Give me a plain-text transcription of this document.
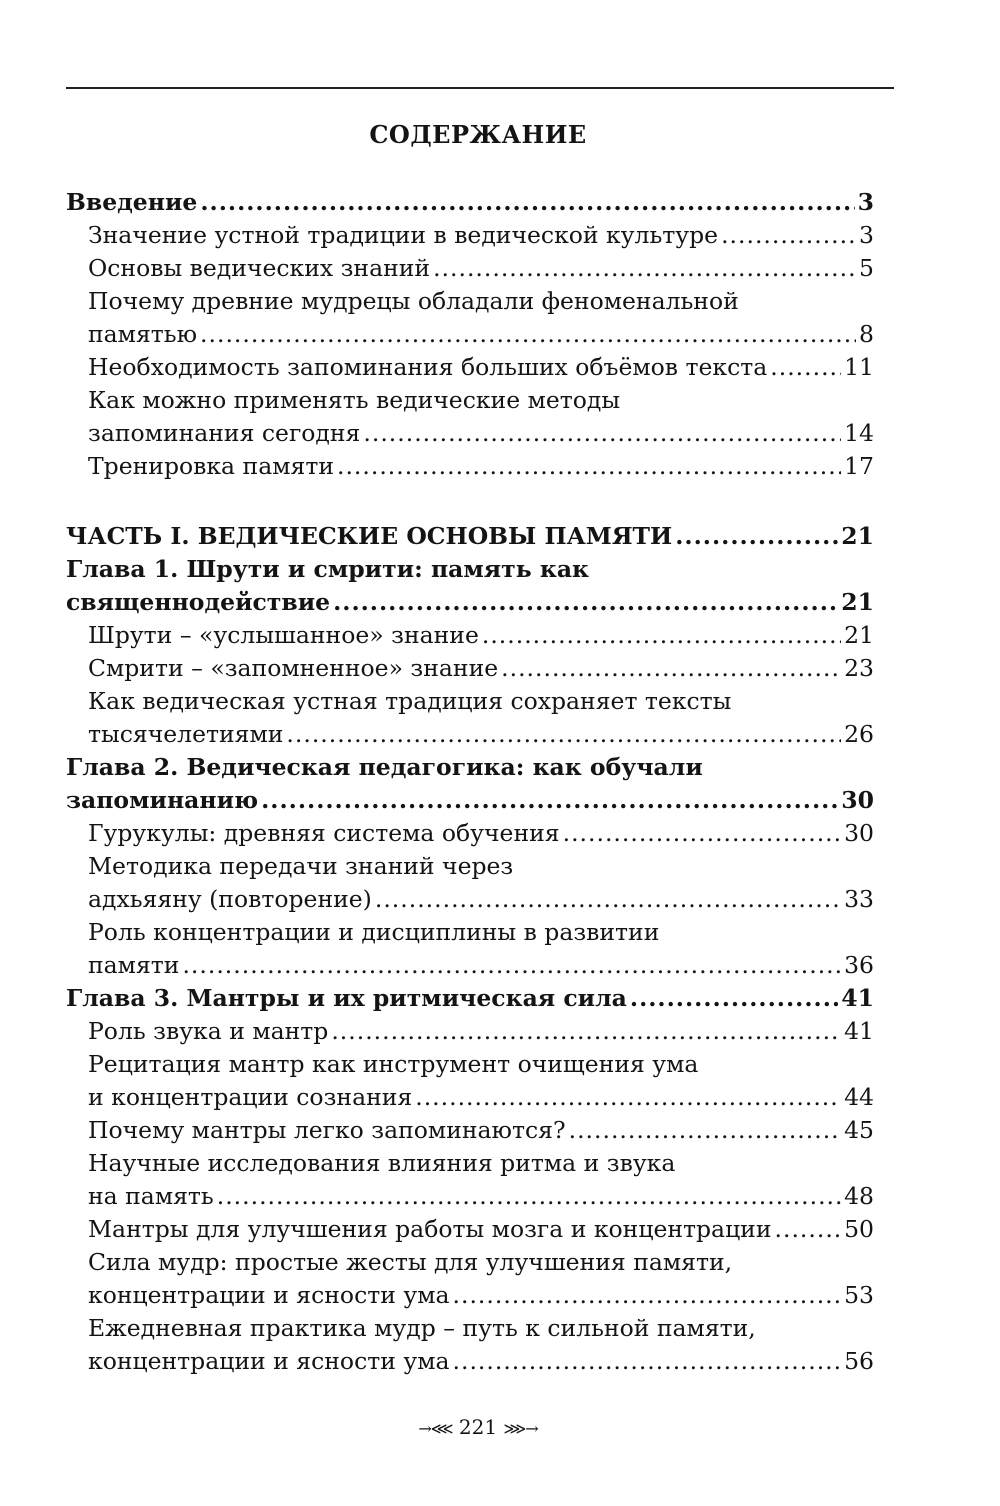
СОДЕРЖАНИЕ
Введение .....	3
Значение устной традиции в ведической культуре .....	3
Основы ведических знаний .....	5
Почему древние мудрецы обладали феноменальной
памятью .....	8
Необходимость запоминания больших объёмов текста .....	11
Как можно применять ведические методы
запоминания сегодня .....	14
Тренировка памяти .....	17
ЧАСТЬ I. ВЕДИЧЕСКИЕ ОСНОВЫ ПАМЯТИ .....	21
Глава 1. Шрути и смрити: память как
священнодействие .....	21
Шрути – «услышанное» знание .....	21
Смрити – «запомненное» знание .....	23
Как ведическая устная традиция сохраняет тексты
тысячелетиями .....	26
Глава 2. Ведическая педагогика: как обучали
запоминанию .....	30
Гурукулы: древняя система обучения .....	30
Методика передачи знаний через
адхьяяну (повторение) .....	33
Роль концентрации и дисциплины в развитии
памяти .....	36
Глава 3. Мантры и их ритмическая сила .....	41
Роль звука и мантр .....	41
Рецитация мантр как инструмент очищения ума
и концентрации сознания .....	44
Почему мантры легко запоминаются? .....	45
Научные исследования влияния ритма и звука
на память .....	48
Мантры для улучшения работы мозга и концентрации .....	50
Сила мудр: простые жесты для улучшения памяти,
концентрации и ясности ума .....	53
Ежедневная практика мудр – путь к сильной памяти,
концентрации и ясности ума .....	56
→⋘ 221 ⋙→
